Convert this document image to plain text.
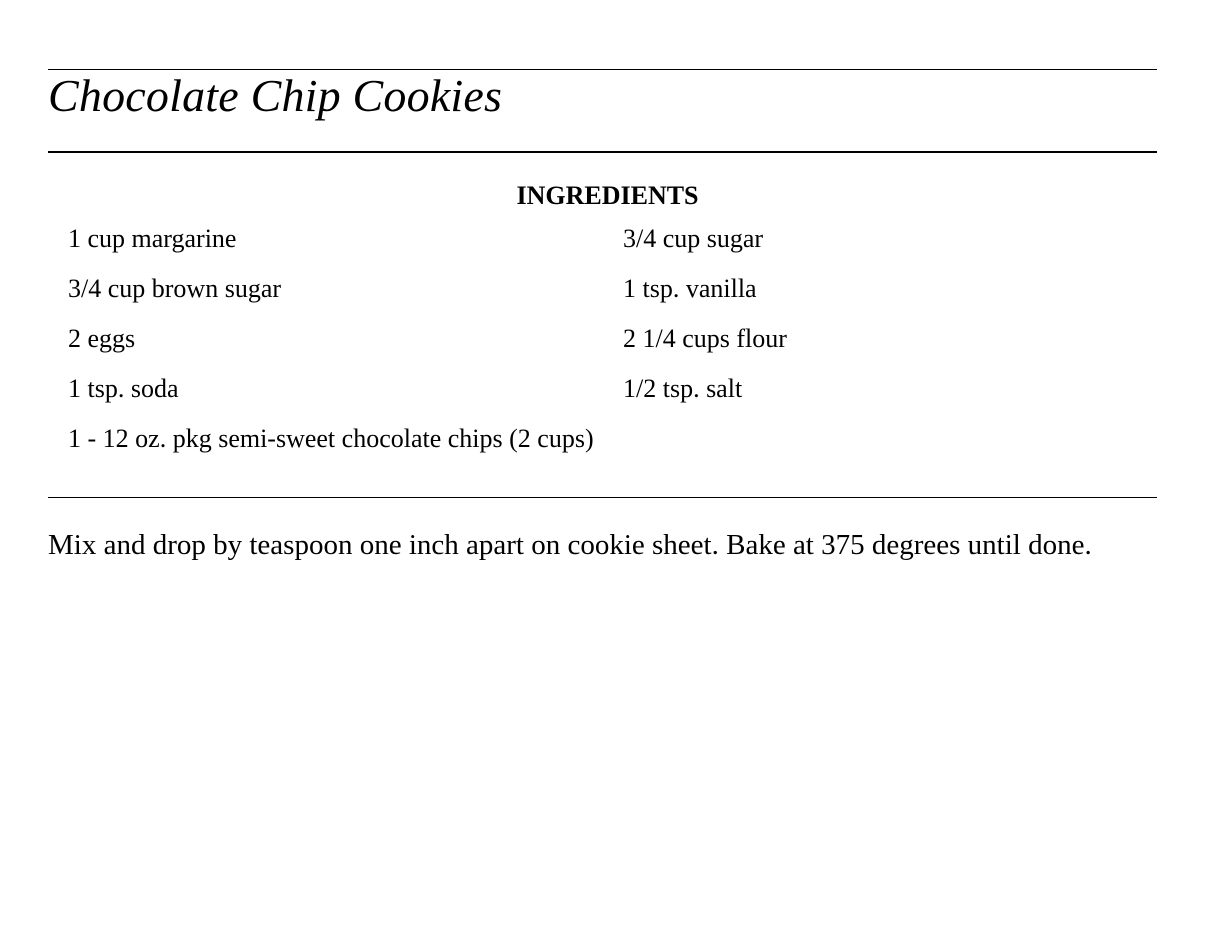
Chocolate Chip Cookies
INGREDIENTS
1 cup margarine	3/4 cup sugar
3/4 cup brown sugar	1 tsp. vanilla
2 eggs	2 1/4 cups flour
1 tsp. soda	1/2 tsp. salt
1 - 12 oz. pkg semi-sweet chocolate chips (2 cups)

Mix and drop by teaspoon one inch apart on cookie sheet. Bake at 375 degrees until done.
